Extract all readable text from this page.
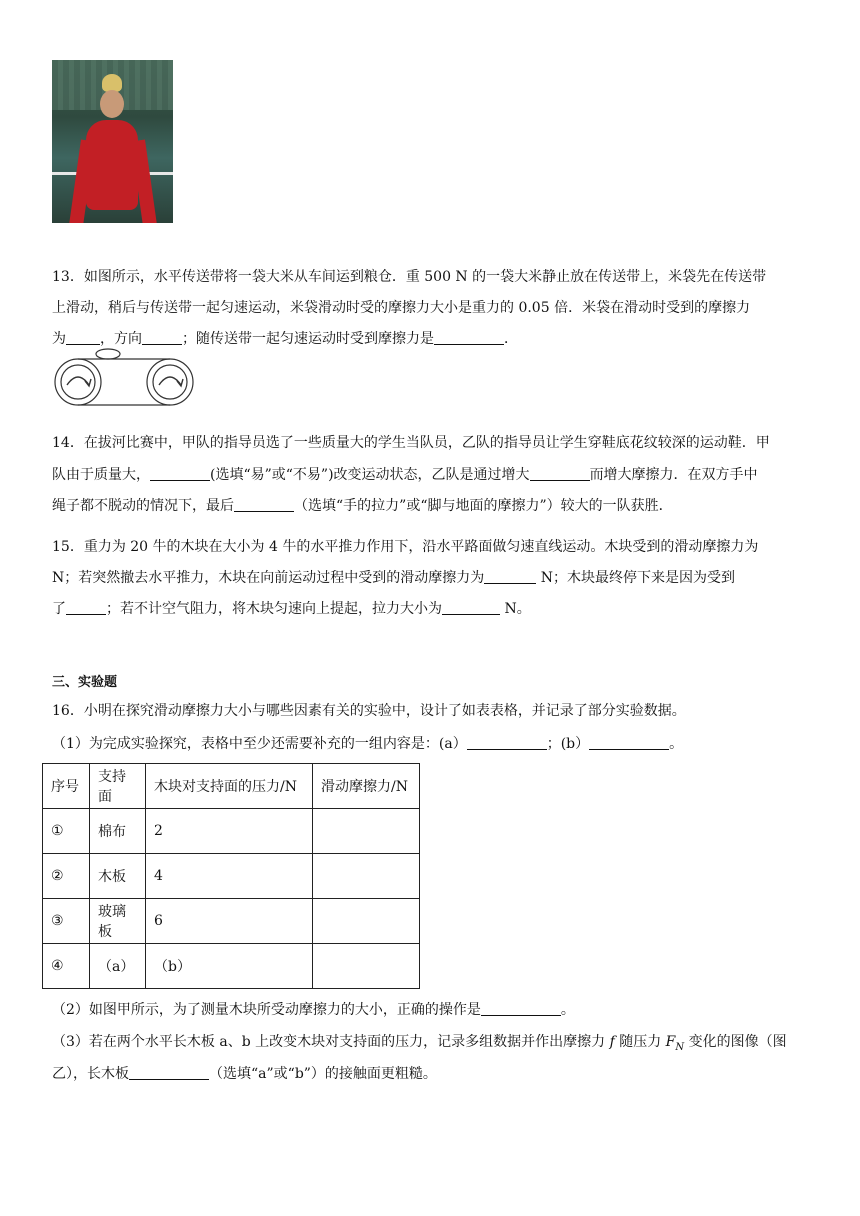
13．如图所示，水平传送带将一袋大米从车间运到粮仓．重 500 N 的一袋大米静止放在传送带上，米袋先在传送带

上滑动，稍后与传送带一起匀速运动，米袋滑动时受的摩擦力大小是重力的 0.05 倍．米袋在滑动时受到的摩擦力

为 ，方向	；随传送带一起匀速运动时受到摩擦力是	．

14．在拔河比赛中，甲队的指导员选了一些质量大的学生当队员，乙队的指导员让学生穿鞋底花纹较深的运动鞋．甲

队由于质量大，	(选填“易”或“不易”)改变运动状态，乙队是通过增大	而增大摩擦力．在双方手中

绳子都不脱动的情况下，最后	（选填“手的拉力”或“脚与地面的摩擦力”）较大的一队获胜．

15．重力为 20 牛的木块在大小为 4 牛的水平推力作用下，沿水平路面做匀速直线运动。木块受到的滑动摩擦力为

N；若突然撤去水平推力，木块在向前运动过程中受到的滑动摩擦力为	N；木块最终停下来是因为受到

了	；若不计空气阻力，将木块匀速向上提起，拉力大小为	N。

三、实验题

16．小明在探究滑动摩擦力大小与哪些因素有关的实验中，设计了如表表格，并记录了部分实验数据。

（1）为完成实验探究，表格中至少还需要补充的一组内容是：(a）	；(b）	。

序号	支持面	木块对支持面的压力/N	滑动摩擦力/N
①	棉布	2	
②	木板	4	
③	玻璃板	6	
④	（a）	（b）	

（2）如图甲所示，为了测量木块所受动摩擦力的大小，正确的操作是	。

（3）若在两个水平长木板 a、b 上改变木块对支持面的压力，记录多组数据并作出摩擦力 f 随压力 $F_N$ 变化的图像（图

乙），长木板	（选填“a”或“b”）的接触面更粗糙。
